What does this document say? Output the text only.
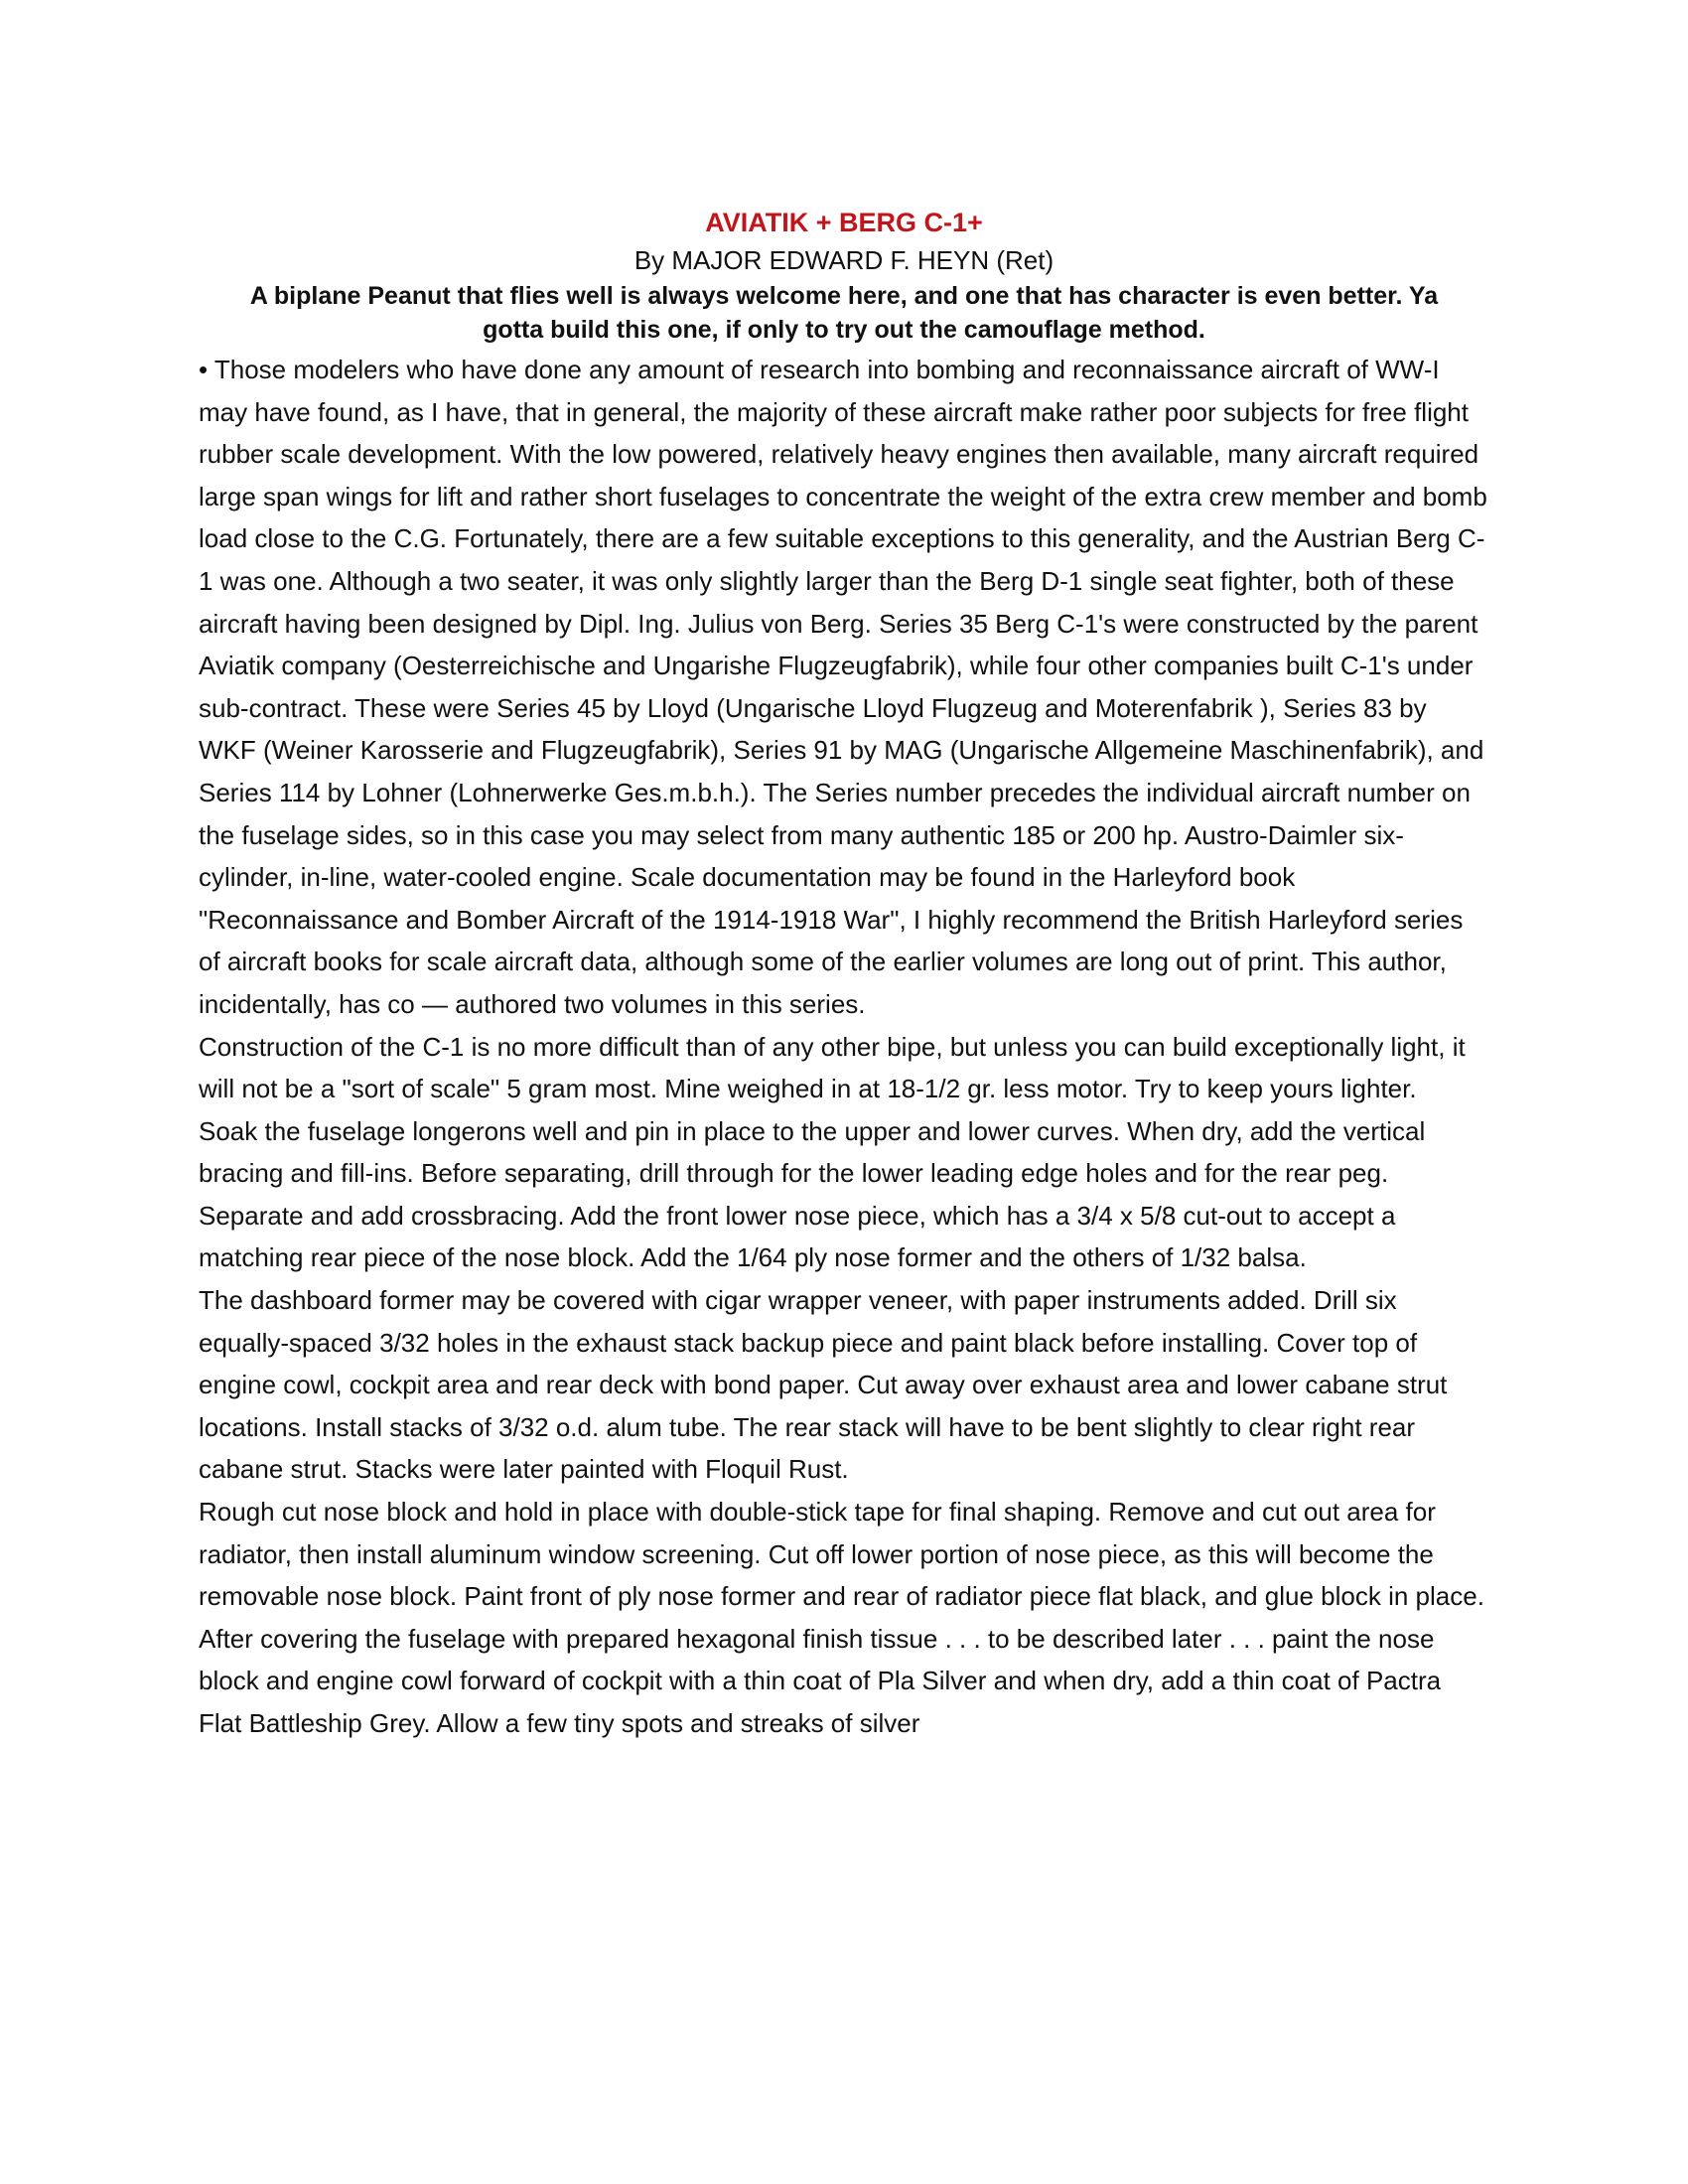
AVIATIK + BERG C-1+

By MAJOR EDWARD F. HEYN (Ret)

A biplane Peanut that flies well is always welcome here, and one that has character is even better. Ya gotta build this one, if only to try out the camouflage method.

• Those modelers who have done any amount of research into bombing and reconnaissance aircraft of WW-I may have found, as I have, that in general, the majority of these aircraft make rather poor subjects for free flight rubber scale development. With the low powered, relatively heavy engines then available, many aircraft required large span wings for lift and rather short fuselages to concentrate the weight of the extra crew member and bomb load close to the C.G. Fortunately, there are a few suitable exceptions to this generality, and the Austrian Berg C-1 was one. Although a two seater, it was only slightly larger than the Berg D-1 single seat fighter, both of these aircraft having been designed by Dipl. Ing. Julius von Berg. Series 35 Berg C-1's were constructed by the parent Aviatik company (Oesterreichische and Ungarishe Flugzeugfabrik), while four other companies built C-1's under sub-contract. These were Series 45 by Lloyd (Ungarische Lloyd Flugzeug and Moterenfabrik ), Series 83 by WKF (Weiner Karosserie and Flugzeugfabrik), Series 91 by MAG (Ungarische Allgemeine Maschinenfabrik), and Series 114 by Lohner (Lohnerwerke Ges.m.b.h.). The Series number precedes the individual aircraft number on the fuselage sides, so in this case you may select from many authentic 185 or 200 hp. Austro-Daimler six-cylinder, in-line, water-cooled engine. Scale documentation may be found in the Harleyford book "Reconnaissance and Bomber Aircraft of the 1914-1918 War", I highly recommend the British Harleyford series of aircraft books for scale aircraft data, although some of the earlier volumes are long out of print. This author, incidentally, has co — authored two volumes in this series.

Construction of the C-1 is no more difficult than of any other bipe, but unless you can build exceptionally light, it will not be a "sort of scale" 5 gram most. Mine weighed in at 18-1/2 gr. less motor. Try to keep yours lighter.

Soak the fuselage longerons well and pin in place to the upper and lower curves. When dry, add the vertical bracing and fill-ins. Before separating, drill through for the lower leading edge holes and for the rear peg. Separate and add crossbracing. Add the front lower nose piece, which has a 3/4 x 5/8 cut-out to accept a matching rear piece of the nose block. Add the 1/64 ply nose former and the others of 1/32 balsa.

The dashboard former may be covered with cigar wrapper veneer, with paper instruments added. Drill six equally-spaced 3/32 holes in the exhaust stack backup piece and paint black before installing. Cover top of engine cowl, cockpit area and rear deck with bond paper. Cut away over exhaust area and lower cabane strut locations. Install stacks of 3/32 o.d. alum tube. The rear stack will have to be bent slightly to clear right rear cabane strut. Stacks were later painted with Floquil Rust.

Rough cut nose block and hold in place with double-stick tape for final shaping. Remove and cut out area for radiator, then install aluminum window screening. Cut off lower portion of nose piece, as this will become the removable nose block. Paint front of ply nose former and rear of radiator piece flat black, and glue block in place. After covering the fuselage with prepared hexagonal finish tissue . . . to be described later . . . paint the nose block and engine cowl forward of cockpit with a thin coat of Pla Silver and when dry, add a thin coat of Pactra Flat Battleship Grey. Allow a few tiny spots and streaks of silver
